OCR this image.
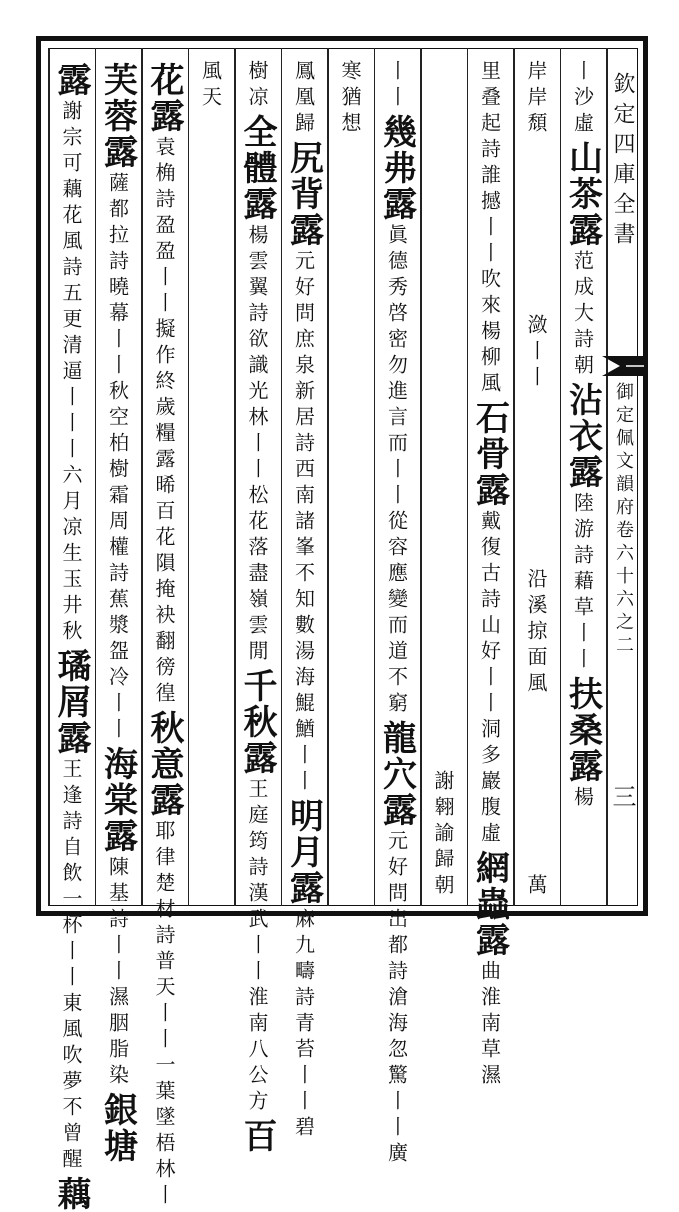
丨沙虛
山茶露
范成大詩朝
沾衣露
陸游詩藉草丨丨
扶桑露
楊
岸岸頹
潋丨丨
沿溪掠面風
萬
里叠起詩誰撼丨丨吹來楊柳風
石骨露
戴復古詩山好丨丨洞多巖腹虛
網蟲露
曲淮南草濕
謝翱諭歸朝
丨丨
幾弗露
眞德秀啓密勿進言而丨丨從容應變而道不窮
龍穴露
元好問出都詩滄海忽驚丨丨廣
寒猶想
鳳凰歸
尻背露
元好問庶泉新居詩西南諸峯不知數湯海鯤鰌丨丨
明月露
麻九疇詩青苔丨丨碧
樹凉
全體露
楊雲翼詩欲識光林丨丨松花落盡嶺雲閒
千秋露
王庭筠詩漢武丨丨淮南八公方
百
風天
花露
袁桷詩盈盈丨丨擬作終歲糧露晞百花隕掩袂翻徬徨
秋意露
耶律楚材詩普天丨丨一葉墜梧林丨
芙蓉露
薩都拉詩曉幕丨丨秋空柏樹霜周權詩蕉漿盌冷丨丨
海棠露
陳基詩丨丨濕胭脂染
銀塘
露
謝宗可藕花風詩五更清逼丨丨丨六月凉生玉井秋
璚屑露
王逢詩自飲一杯丨丨東風吹夢不曾醒
藕
欽定四庫全書
御定佩文韻府卷六十六之二
三
